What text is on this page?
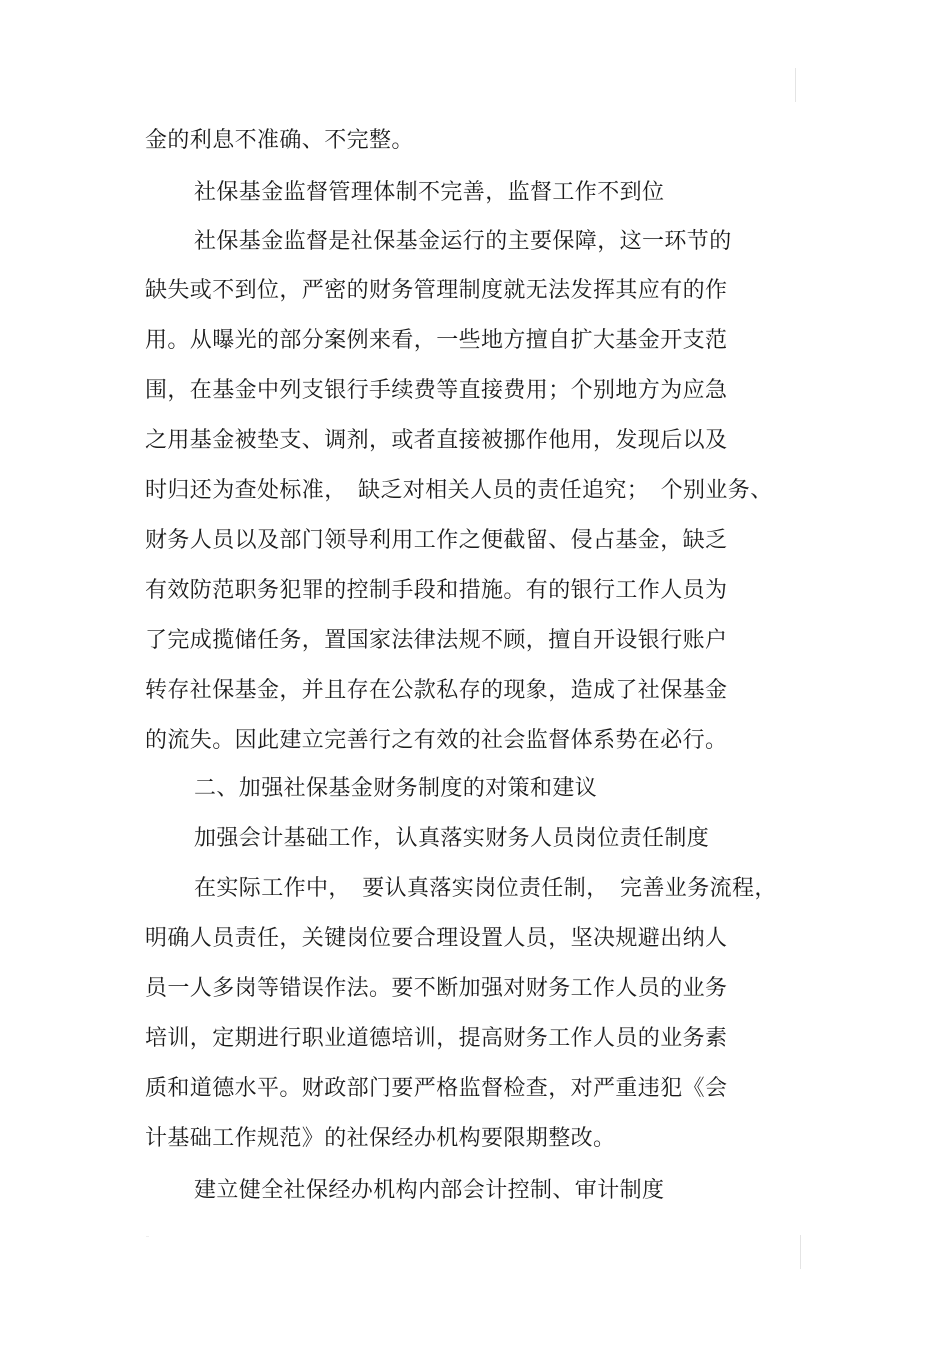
金的利息不准确、不完整。
社保基金监督管理体制不完善，监督工作不到位
社保基金监督是社保基金运行的主要保障，这一环节的
缺失或不到位，严密的财务管理制度就无法发挥其应有的作
用。从曝光的部分案例来看，一些地方擅自扩大基金开支范
围，在基金中列支银行手续费等直接费用；个别地方为应急
之用基金被垫支、调剂，或者直接被挪作他用，发现后以及
时归还为查处标准，　缺乏对相关人员的责任追究；　个别业务、
财务人员以及部门领导利用工作之便截留、侵占基金，缺乏
有效防范职务犯罪的控制手段和措施。有的银行工作人员为
了完成揽储任务，置国家法律法规不顾，擅自开设银行账户
转存社保基金，并且存在公款私存的现象，造成了社保基金
的流失。因此建立完善行之有效的社会监督体系势在必行。
二、加强社保基金财务制度的对策和建议
加强会计基础工作，认真落实财务人员岗位责任制度
在实际工作中，　要认真落实岗位责任制，　完善业务流程，
明确人员责任，关键岗位要合理设置人员，坚决规避出纳人
员一人多岗等错误作法。要不断加强对财务工作人员的业务
培训，定期进行职业道德培训，提高财务工作人员的业务素
质和道德水平。财政部门要严格监督检查，对严重违犯《会
计基础工作规范》的社保经办机构要限期整改。
建立健全社保经办机构内部会计控制、审计制度
